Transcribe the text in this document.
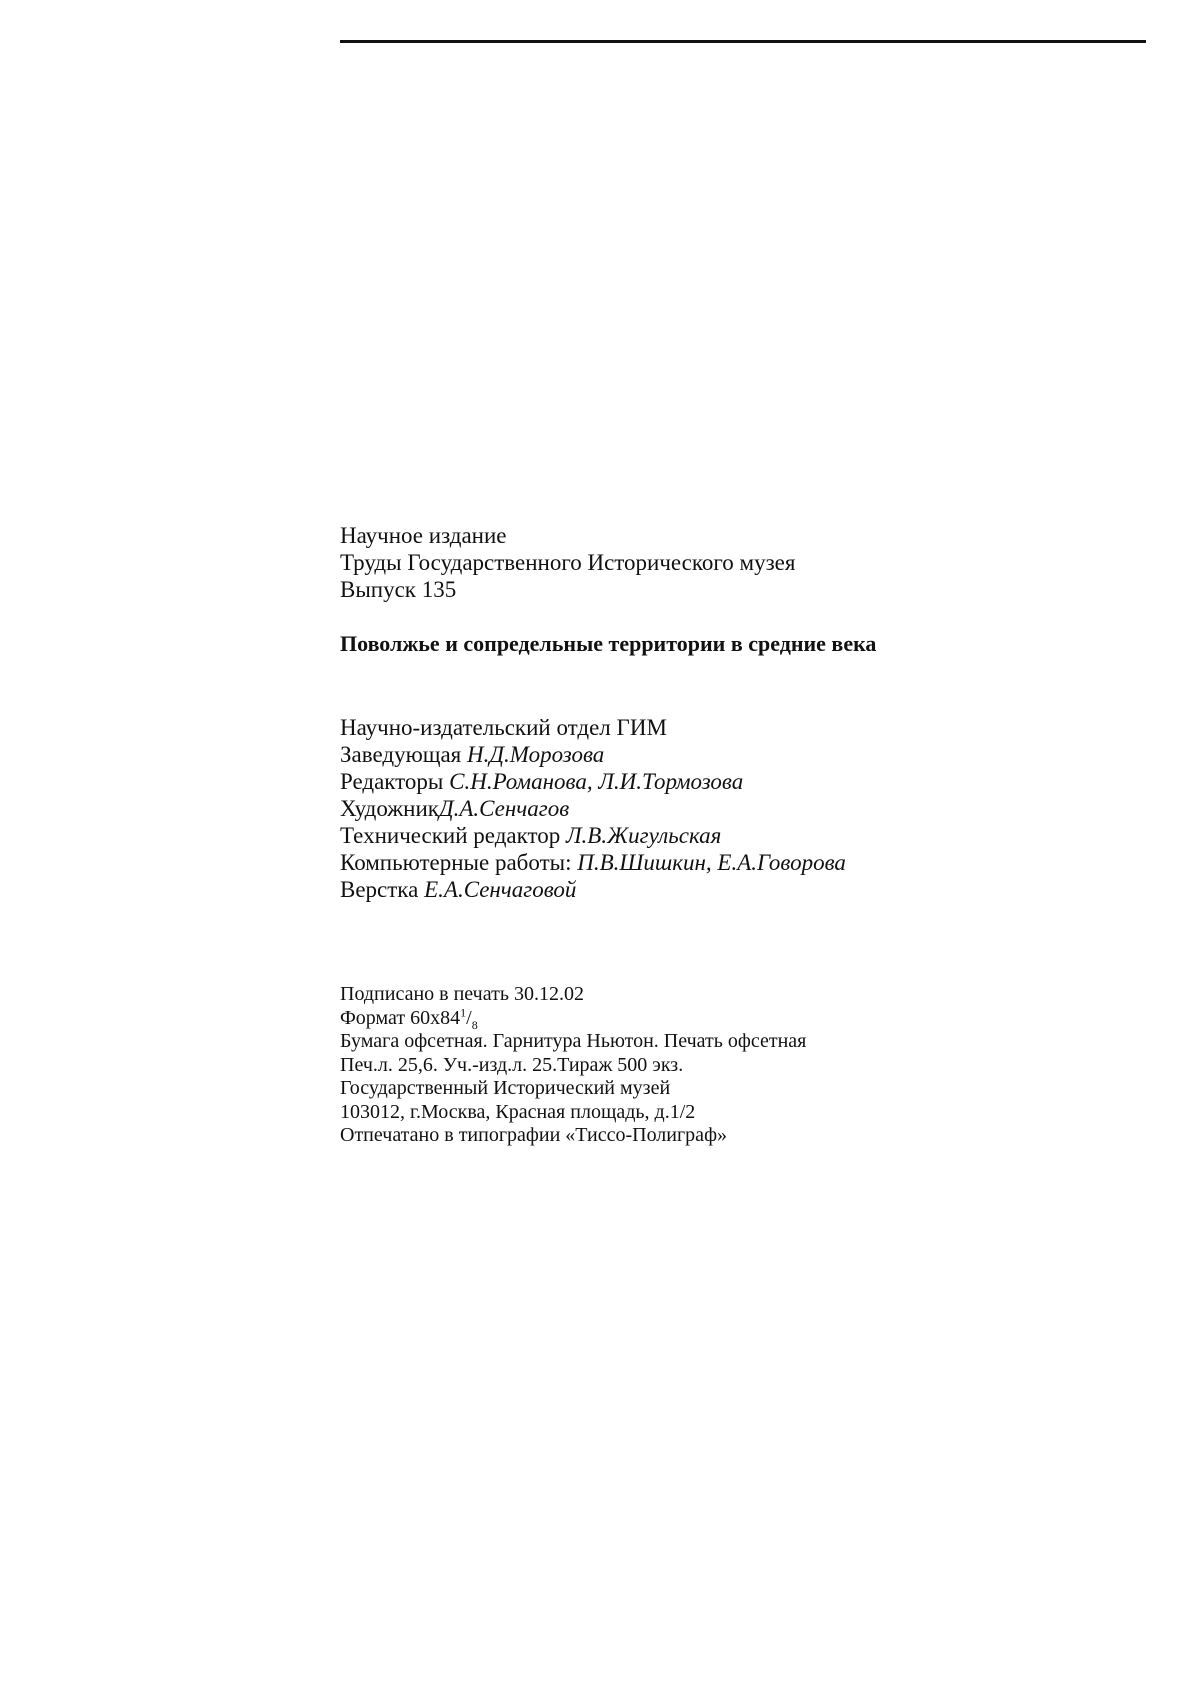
Научное издание
Труды Государственного Исторического музея
Выпуск 135
Поволжье и сопредельные территории в средние века
Научно-издательский отдел ГИМ
Заведующая Н.Д.Морозова
Редакторы С.Н.Романова, Л.И.Тормозова
ХудожникД.А.Сенчагов
Технический редактор Л.В.Жигульская
Компьютерные работы: П.В.Шишкин, Е.А.Говорова
Верстка Е.А.Сенчаговой
Подписано в печать 30.12.02
Формат $60x84^1/_8$
Бумага офсетная. Гарнитура Ньютон. Печать офсетная
Печ.л. 25,6. Уч.-изд.л. 25.Тираж 500 экз.
Государственный Исторический музей
103012, г.Москва, Красная площадь, д.1/2
Отпечатано в типографии «Тиссо-Полиграф»
